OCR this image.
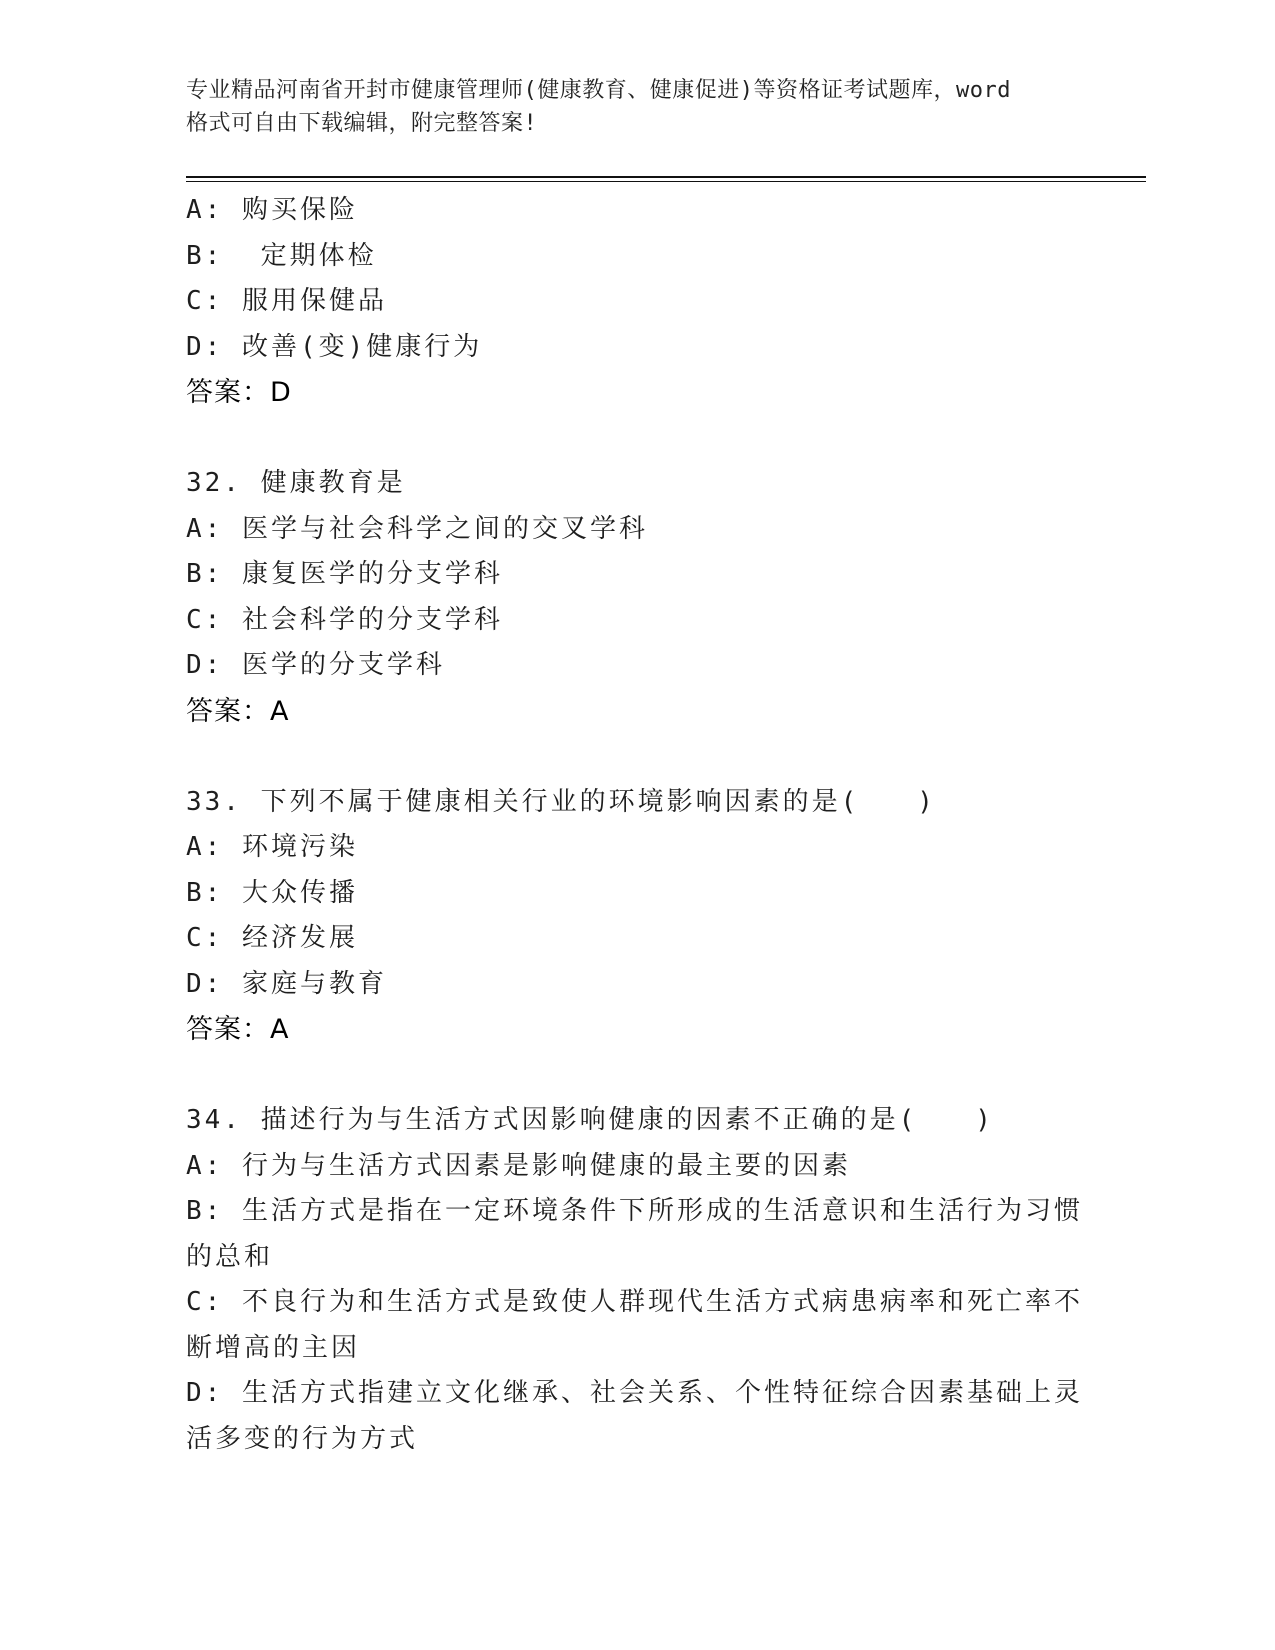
专业精品河南省开封市健康管理师(健康教育、健康促进)等资格证考试题库，word
格式可自由下载编辑，附完整答案!
A: 购买保险
B:  定期体检
C: 服用保健品
D: 改善(变)健康行为
答案：D
32. 健康教育是
A: 医学与社会科学之间的交叉学科
B: 康复医学的分支学科
C: 社会科学的分支学科
D: 医学的分支学科
答案：A
33. 下列不属于健康相关行业的环境影响因素的是(　　)
A: 环境污染
B: 大众传播
C: 经济发展
D: 家庭与教育
答案：A
34. 描述行为与生活方式因影响健康的因素不正确的是(　　)
A: 行为与生活方式因素是影响健康的最主要的因素
B: 生活方式是指在一定环境条件下所形成的生活意识和生活行为习惯
的总和
C: 不良行为和生活方式是致使人群现代生活方式病患病率和死亡率不
断增高的主因
D: 生活方式指建立文化继承、社会关系、个性特征综合因素基础上灵
活多变的行为方式
